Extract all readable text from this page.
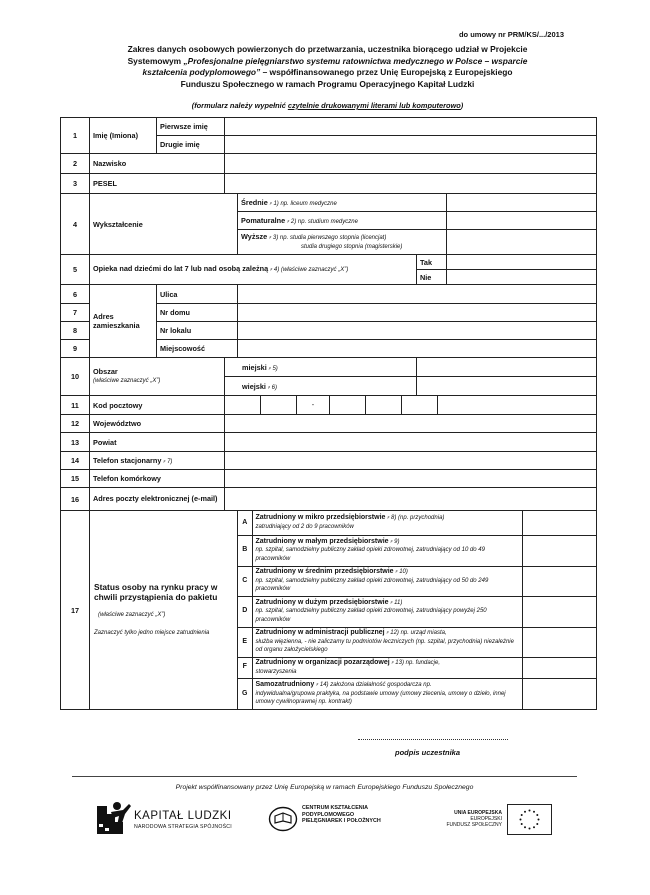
do umowy nr PRM/KS/.../2013
Zakres danych osobowych powierzonych do przetwarzania, uczestnika biorącego udział w Projekcie
Systemowym „Profesjonalne pielęgniarstwo systemu ratownictwa medycznego w Polsce – wsparcie
kształcenia podyplomowego” – współfinansowanego przez Unię Europejską z Europejskiego
Funduszu Społecznego w ramach Programu Operacyjnego Kapitał Ludzki
(formularz należy wypełnić czytelnie drukowanymi literami lub komputerowo)
1	Imię (Imiona)	Pierwsze imię	
Drugie imię	
2	Nazwisko	
3	PESEL	

4	Wykształcenie	Średnie ⸗ 1) np. liceum medyczne	
Pomaturalne ⸗ 2) np. studium medyczne	
Wyższe ⸗ 3) np. studia pierwszego stopnia (licencjat)
studia drugiego stopnia (magisterskie)	
5	Opieka nad dziećmi do lat 7 lub nad osobą zależną ⸗ 4) (właściwe zaznaczyć „X”)	Tak	
Nie	
6	Adres zamieszkania	Ulica	
7	Nr domu	
8	Nr lokalu	
9	Miejscowość	
10	Obszar
(właściwe zaznaczyć „X”)	miejski ⸗ 5)	
wiejski ⸗ 6)	
11	Kod pocztowy	-

12	Województwo	
13	Powiat	
14	Telefon stacjonarny ⸗ 7)	

15	Telefon komórkowy	

16	Adres poczty elektronicznej (e-mail)	
17	
Status osoby na rynku pracy w chwili przystąpienia do pakietu
(właściwe zaznaczyć „X”)
Zaznaczyć tylko jedno miejsce zatrudnienia

A	Zatrudniony w mikro przedsiębiorstwie ⸗ 8) (np. przychodnia)
zatrudniający od 2 do 9 pracowników	
B	Zatrudniony w małym przedsiębiorstwie ⸗ 9)
np. szpital, samodzielny publiczny zakład opieki zdrowotnej, zatrudniający od 10 do 49 pracowników	
C	Zatrudniony w średnim przedsiębiorstwie ⸗ 10)
np. szpital, samodzielny publiczny zakład opieki zdrowotnej, zatrudniający od 50 do 249 pracowników	
D	Zatrudniony w dużym przedsiębiorstwie ⸗ 11)
np. szpital, samodzielny publiczny zakład opieki zdrowotnej, zatrudniający powyżej 250 pracowników	
E	Zatrudniony w administracji publicznej ⸗ 12) np. urząd miasta,
służba więzienna, - nie zaliczamy tu podmiotów leczniczych (np. szpital, przychodnia) niezależnie od organu założycielskiego	
F	Zatrudniony w organizacji pozarządowej ⸗ 13) np. fundacje,
stowarzyszenia	
G	Samozatrudniony ⸗ 14) założona działalność gospodarcza np.
indywidualna/grupowa praktyka, na podstawie umowy (umowy zlecenia, umowy o dzieło, innej umowy cywilnoprawnej np. kontrakt)	
podpis uczestnika
Projekt współfinansowany przez Unię Europejską w ramach Europejskiego Funduszu Społecznego
KAPITAŁ LUDZKI
NARODOWA STRATEGIA SPÓJNOŚCI
CENTRUM KSZTAŁCENIA
PODYPLOMOWEGO
PIELĘGNIAREK I POŁOŻNYCH
UNIA EUROPEJSKA
EUROPEJSKI
FUNDUSZ SPOŁECZNY
